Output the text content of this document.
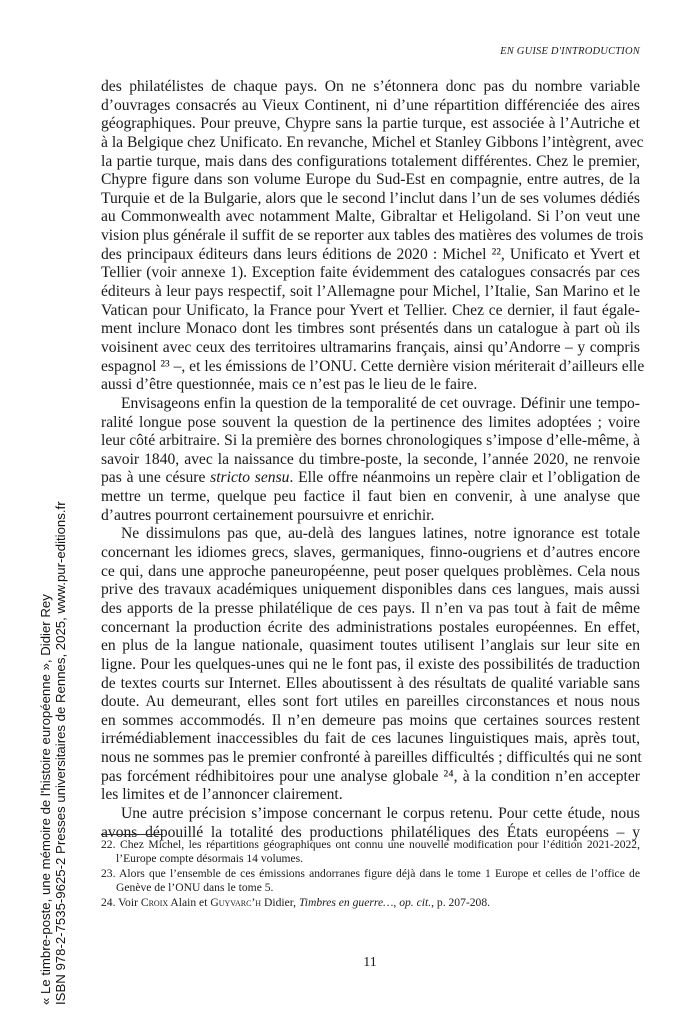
EN GUISE D'INTRODUCTION
des philatélistes de chaque pays. On ne s’étonnera donc pas du nombre variable
d’ouvrages consacrés au Vieux Continent, ni d’une répartition différenciée des aires
géographiques. Pour preuve, Chypre sans la partie turque, est associée à l’Autriche et
à la Belgique chez Unificato. En revanche, Michel et Stanley Gibbons l’intègrent, avec
la partie turque, mais dans des configurations totalement différentes. Chez le premier,
Chypre figure dans son volume Europe du Sud-Est en compagnie, entre autres, de la
Turquie et de la Bulgarie, alors que le second l’inclut dans l’un de ses volumes dédiés
au Commonwealth avec notamment Malte, Gibraltar et Heligoland. Si l’on veut une
vision plus générale il suffit de se reporter aux tables des matières des volumes de trois
des principaux éditeurs dans leurs éditions de 2020 : Michel ²², Unificato et Yvert et
Tellier (voir annexe 1). Exception faite évidemment des catalogues consacrés par ces
éditeurs à leur pays respectif, soit l’Allemagne pour Michel, l’Italie, San Marino et le
Vatican pour Unificato, la France pour Yvert et Tellier. Chez ce dernier, il faut égale-
ment inclure Monaco dont les timbres sont présentés dans un catalogue à part où ils
voisinent avec ceux des territoires ultramarins français, ainsi qu’Andorre – y compris
espagnol ²³ –, et les émissions de l’ONU. Cette dernière vision mériterait d’ailleurs elle
aussi d’être questionnée, mais ce n’est pas le lieu de le faire.
Envisageons enfin la question de la temporalité de cet ouvrage. Définir une tempo-
ralité longue pose souvent la question de la pertinence des limites adoptées ; voire
leur côté arbitraire. Si la première des bornes chronologiques s’impose d’elle-même, à
savoir 1840, avec la naissance du timbre-poste, la seconde, l’année 2020, ne renvoie
pas à une césure stricto sensu. Elle offre néanmoins un repère clair et l’obligation de
mettre un terme, quelque peu factice il faut bien en convenir, à une analyse que
d’autres pourront certainement poursuivre et enrichir.
Ne dissimulons pas que, au-delà des langues latines, notre ignorance est totale
concernant les idiomes grecs, slaves, germaniques, finno-ougriens et d’autres encore
ce qui, dans une approche paneuropéenne, peut poser quelques problèmes. Cela nous
prive des travaux académiques uniquement disponibles dans ces langues, mais aussi
des apports de la presse philatélique de ces pays. Il n’en va pas tout à fait de même
concernant la production écrite des administrations postales européennes. En effet,
en plus de la langue nationale, quasiment toutes utilisent l’anglais sur leur site en
ligne. Pour les quelques-unes qui ne le font pas, il existe des possibilités de traduction
de textes courts sur Internet. Elles aboutissent à des résultats de qualité variable sans
doute. Au demeurant, elles sont fort utiles en pareilles circonstances et nous nous
en sommes accommodés. Il n’en demeure pas moins que certaines sources restent
irrémédiablement inaccessibles du fait de ces lacunes linguistiques mais, après tout,
nous ne sommes pas le premier confronté à pareilles difficultés ; difficultés qui ne sont
pas forcément rédhibitoires pour une analyse globale ²⁴, à la condition n’en accepter
les limites et de l’annoncer clairement.
Une autre précision s’impose concernant le corpus retenu. Pour cette étude, nous
avons dépouillé la totalité des productions philatéliques des États européens – y
22. Chez Michel, les répartitions géographiques ont connu une nouvelle modification pour l’édition 2021-2022, l’Europe compte désormais 14 volumes.
23. Alors que l’ensemble de ces émissions andorranes figure déjà dans le tome 1 Europe et celles de l’office de Genève de l’ONU dans le tome 5.
24. Voir Croix Alain et Guyvarc’h Didier, Timbres en guerre…, op. cit., p. 207-208.
11
« Le timbre-poste, une mémoire de l'histoire européenne », Didier Rey ISBN 978-2-7535-9625-2 Presses universitaires de Rennes, 2025, www.pur-editions.fr
